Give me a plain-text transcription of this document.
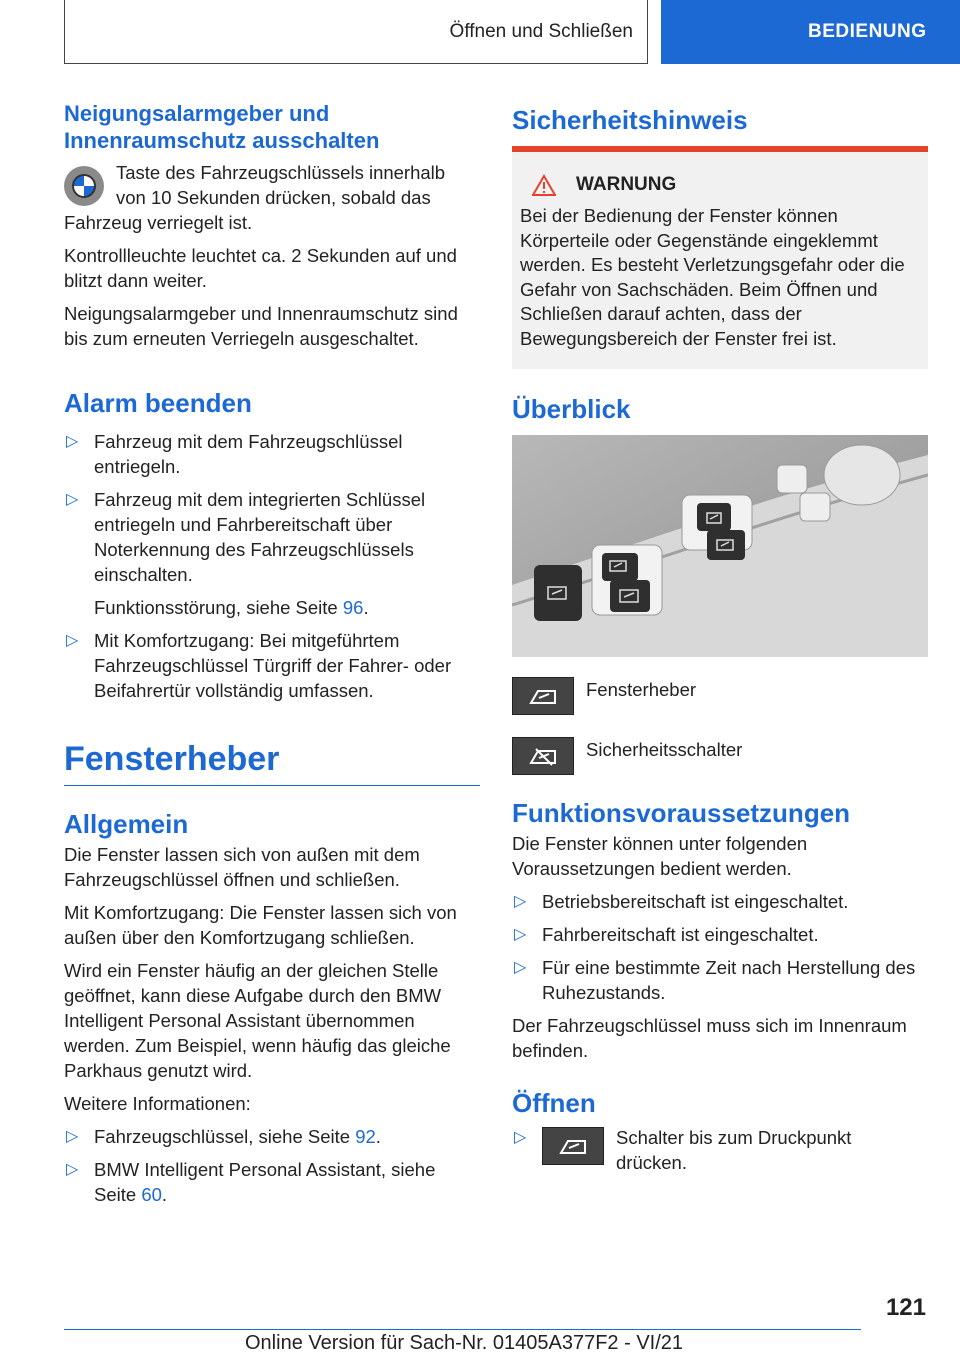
Öffnen und Schließen	BEDIENUNG
Neigungsalarmgeber und Innenraumschutz ausschalten

Taste des Fahrzeugschlüssels innerhalb von 10 Sekunden drücken, sobald das Fahrzeug verriegelt ist.

Kontrollleuchte leuchtet ca. 2 Sekunden auf und blitzt dann weiter.

Neigungsalarmgeber und Innenraumschutz sind bis zum erneuten Verriegeln ausgeschaltet.

Alarm beenden
▷ Fahrzeug mit dem Fahrzeugschlüssel entriegeln.
▷ Fahrzeug mit dem integrierten Schlüssel entriegeln und Fahrbereitschaft über Noterkennung des Fahrzeugschlüssels einschalten.
Funktionsstörung, siehe Seite 96.
▷ Mit Komfortzugang: Bei mitgeführtem Fahrzeugschlüssel Türgriff der Fahrer- oder Beifahrertür vollständig umfassen.
Fensterheber
Allgemein

Die Fenster lassen sich von außen mit dem Fahrzeugschlüssel öffnen und schließen.

Mit Komfortzugang: Die Fenster lassen sich von außen über den Komfortzugang schließen.

Wird ein Fenster häufig an der gleichen Stelle geöffnet, kann diese Aufgabe durch den BMW Intelligent Personal Assistant übernommen werden. Zum Beispiel, wenn häufig das gleiche Parkhaus genutzt wird.

Weitere Informationen:

▷ Fahrzeugschlüssel, siehe Seite 92.
▷ BMW Intelligent Personal Assistant, siehe Seite 60.
Sicherheitshinweis
WARNUNG

Bei der Bedienung der Fenster können Körperteile oder Gegenstände eingeklemmt werden. Es besteht Verletzungsgefahr oder die Gefahr von Sachschäden. Beim Öffnen und Schließen darauf achten, dass der Bewegungsbereich der Fenster frei ist.

Überblick
Fensterheber
Sicherheitsschalter
Funktionsvoraussetzungen

Die Fenster können unter folgenden Voraussetzungen bedient werden.

▷ Betriebsbereitschaft ist eingeschaltet.
▷ Fahrbereitschaft ist eingeschaltet.
▷ Für eine bestimmte Zeit nach Herstellung des Ruhezustands.

Der Fahrzeugschlüssel muss sich im Innenraum befinden.

Öffnen
▷	Schalter bis zum Druckpunkt drücken.
121
Online Version für Sach-Nr. 01405A377F2 - VI/21
